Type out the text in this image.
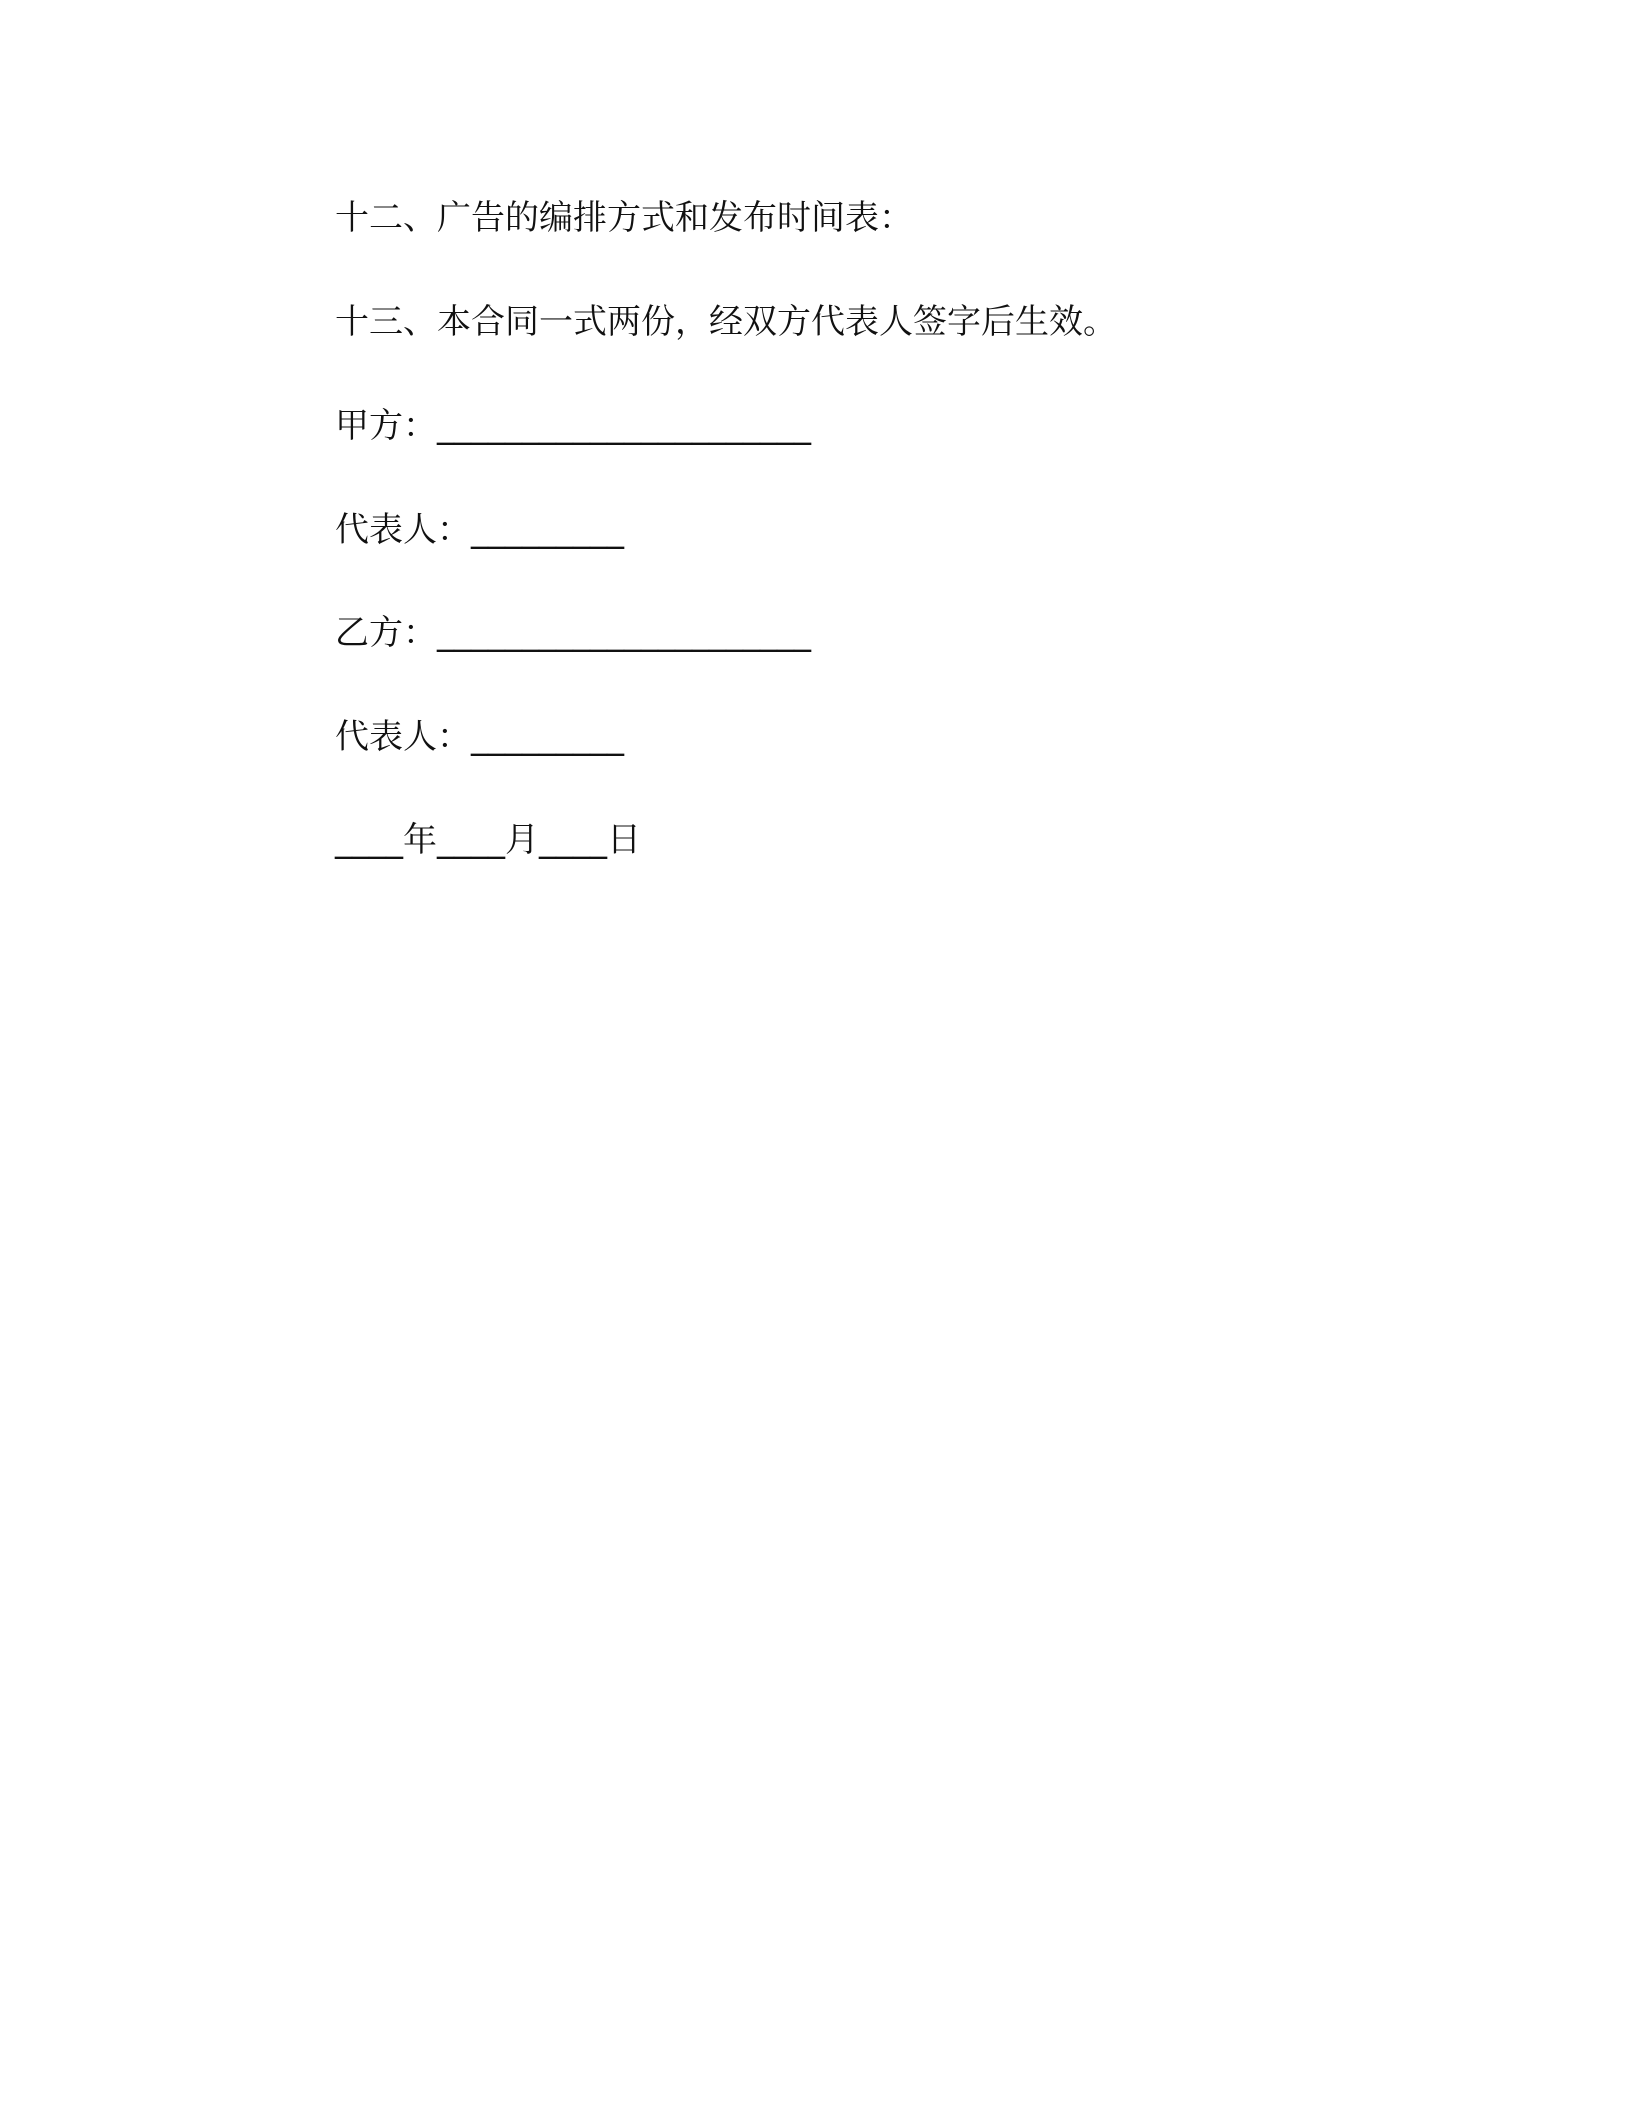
十二、广告的编排方式和发布时间表：
十三、本合同一式两份，经双方代表人签字后生效。
甲方：______________________
代表人：_________
乙方：______________________
代表人：_________
____年____月____日
